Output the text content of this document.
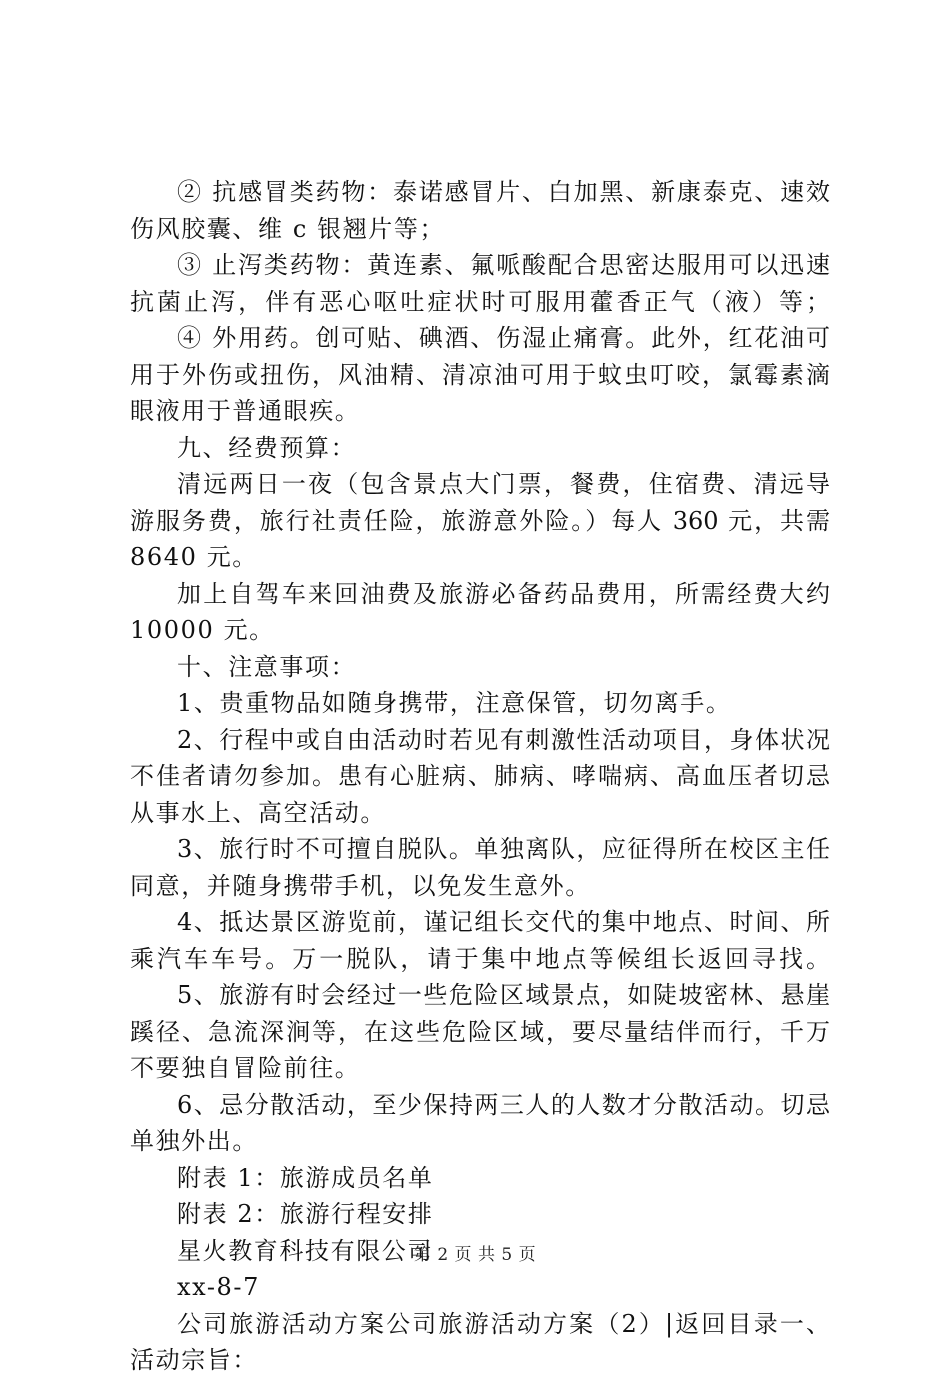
② 抗感冒类药物：泰诺感冒片、白加黑、新康泰克、速效
伤风胶囊、维 c 银翘片等；
③ 止泻类药物：黄连素、氟哌酸配合思密达服用可以迅速
抗菌止泻，伴有恶心呕吐症状时可服用藿香正气（液）等；
④ 外用药。创可贴、碘酒、伤湿止痛膏。此外，红花油可
用于外伤或扭伤，风油精、清凉油可用于蚊虫叮咬，氯霉素滴
眼液用于普通眼疾。
九、经费预算：
清远两日一夜（包含景点大门票，餐费，住宿费、清远导
游服务费，旅行社责任险，旅游意外险。）每人 360 元，共需
8640 元。
加上自驾车来回油费及旅游必备药品费用，所需经费大约
10000 元。
十、注意事项：
1、贵重物品如随身携带，注意保管，切勿离手。
2、行程中或自由活动时若见有刺激性活动项目，身体状况
不佳者请勿参加。患有心脏病、肺病、哮喘病、高血压者切忌
从事水上、高空活动。
3、旅行时不可擅自脱队。单独离队，应征得所在校区主任
同意，并随身携带手机，以免发生意外。
4、抵达景区游览前，谨记组长交代的集中地点、时间、所
乘汽车车号。万一脱队，请于集中地点等候组长返回寻找。
5、旅游有时会经过一些危险区域景点，如陡坡密林、悬崖
蹊径、急流深涧等，在这些危险区域，要尽量结伴而行，千万
不要独自冒险前往。
6、忌分散活动，至少保持两三人的人数才分散活动。切忌
单独外出。
附表 1：旅游成员名单
附表 2：旅游行程安排
星火教育科技有限公司
xx-8-7
公司旅游活动方案公司旅游活动方案（2）|返回目录一、
活动宗旨：
第 2 页 共 5 页
